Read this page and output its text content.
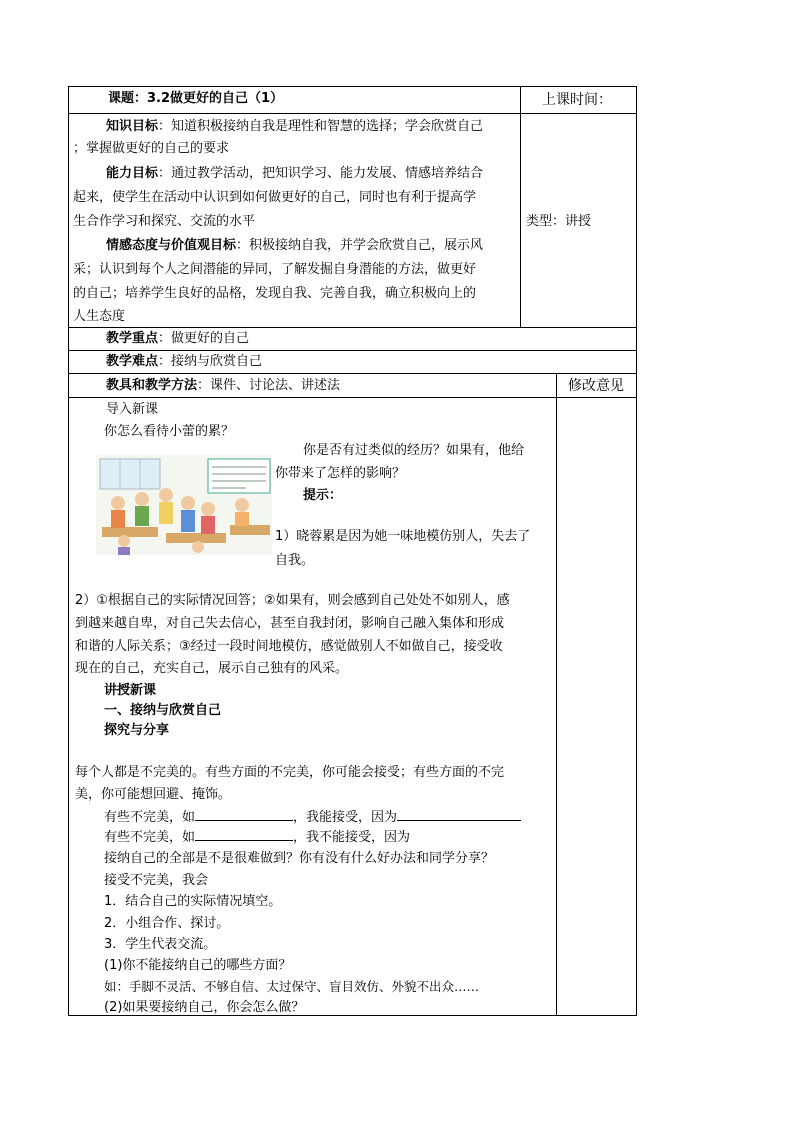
课题：3.2做更好的自己（1）	上课时间：
知识目标：知道积极接纳自我是理性和智慧的选择；学会欣赏自己
；掌握做更好的自己的要求
能力目标：通过教学活动，把知识学习、能力发展、情感培养结合
起来，使学生在活动中认识到如何做更好的自己，同时也有利于提高学
生合作学习和探究、交流的水平
情感态度与价值观目标：积极接纳自我，并学会欣赏自己，展示风
采；认识到每个人之间潜能的异同，了解发掘自身潜能的方法，做更好
的自己；培养学生良好的品格，发现自我、完善自我，确立积极向上的
人生态度
类型：讲授
教学重点：做更好的自己
教学难点：接纳与欣赏自己
教具和教学方法：课件、讨论法、讲述法	修改意见
导入新课
你怎么看待小蕾的累？
你是否有过类似的经历？如果有，他给
你带来了怎样的影响？
提示：
1）晓蓉累是因为她一味地模仿别人，失去了
自我。
2）①根据自己的实际情况回答；②如果有，则会感到自己处处不如别人，感
到越来越自卑，对自己失去信心，甚至自我封闭，影响自己融入集体和形成
和谐的人际关系；③经过一段时间地模仿，感觉做别人不如做自己，接受收
现在的自己，充实自己，展示自己独有的风采。
讲授新课
一、接纳与欣赏自己
探究与分享
每个人都是不完美的。有些方面的不完美，你可能会接受；有些方面的不完
美，你可能想回避、掩饰。
有些不完美，如	，我能接受，因为
有些不完美，如	，我不能接受，因为
接纳自己的全部是不是很难做到？你有没有什么好办法和同学分享？
接受不完美，我会
1．结合自己的实际情况填空。
2．小组合作、探讨。
3．学生代表交流。
(1)你不能接纳自己的哪些方面？
如：手脚不灵活、不够自信、太过保守、盲目效仿、外貌不出众……
(2)如果要接纳自己，你会怎么做？
